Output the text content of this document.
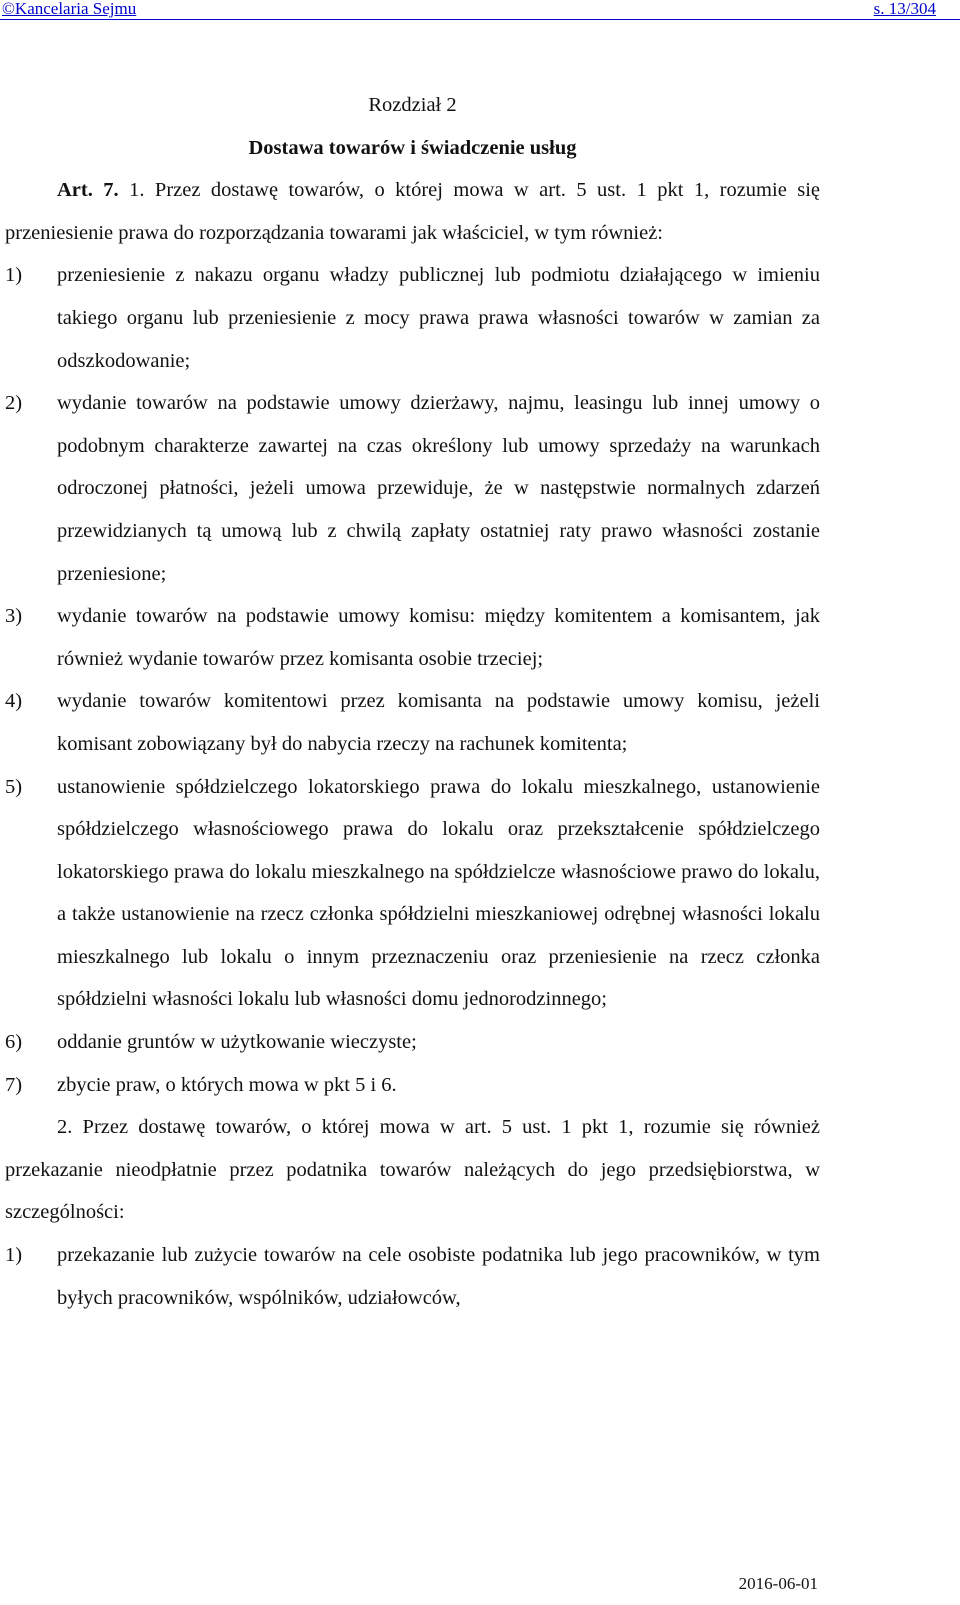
©Kancelaria Sejmu	s. 13/304

Rozdział 2

Dostawa towarów i świadczenie usług

Art. 7. 1. Przez dostawę towarów, o której mowa w art. 5 ust. 1 pkt 1, rozumie się przeniesienie prawa do rozporządzania towarami jak właściciel, w tym również:

1)	przeniesienie z nakazu organu władzy publicznej lub podmiotu działającego w imieniu takiego organu lub przeniesienie z mocy prawa prawa własności towarów w zamian za odszkodowanie;
2)	wydanie towarów na podstawie umowy dzierżawy, najmu, leasingu lub innej umowy o podobnym charakterze zawartej na czas określony lub umowy sprzedaży na warunkach odroczonej płatności, jeżeli umowa przewiduje, że w następstwie normalnych zdarzeń przewidzianych tą umową lub z chwilą zapłaty ostatniej raty prawo własności zostanie przeniesione;
3)	wydanie towarów na podstawie umowy komisu: między komitentem a komisantem, jak również wydanie towarów przez komisanta osobie trzeciej;
4)	wydanie towarów komitentowi przez komisanta na podstawie umowy komisu, jeżeli komisant zobowiązany był do nabycia rzeczy na rachunek komitenta;
5)	ustanowienie spółdzielczego lokatorskiego prawa do lokalu mieszkalnego, ustanowienie spółdzielczego własnościowego prawa do lokalu oraz przekształcenie spółdzielczego lokatorskiego prawa do lokalu mieszkalnego na spółdzielcze własnościowe prawo do lokalu, a także ustanowienie na rzecz członka spółdzielni mieszkaniowej odrębnej własności lokalu mieszkalnego lub lokalu o innym przeznaczeniu oraz przeniesienie na rzecz członka spółdzielni własności lokalu lub własności domu jednorodzinnego;
6)	oddanie gruntów w użytkowanie wieczyste;
7)	zbycie praw, o których mowa w pkt 5 i 6.

2. Przez dostawę towarów, o której mowa w art. 5 ust. 1 pkt 1, rozumie się również przekazanie nieodpłatnie przez podatnika towarów należących do jego przedsiębiorstwa, w szczególności:

1)	przekazanie lub zużycie towarów na cele osobiste podatnika lub jego pracowników, w tym byłych pracowników, wspólników, udziałowców,
2016-06-01
